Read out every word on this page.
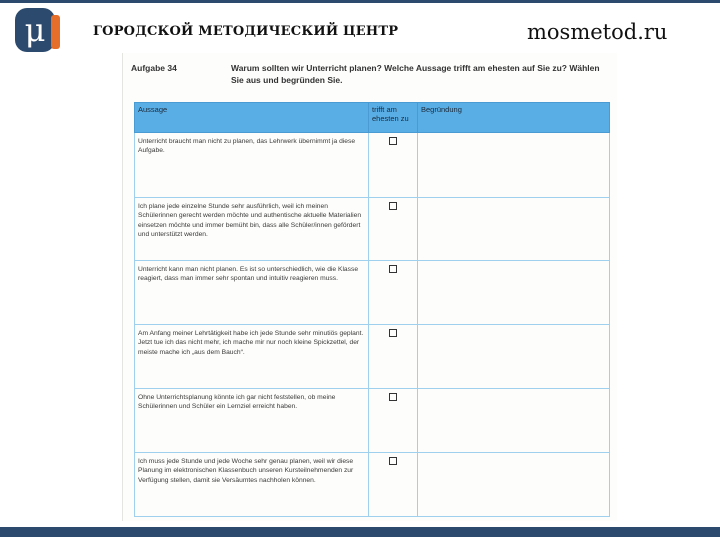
μ	ГОРОДСКОЙ МЕТОДИЧЕСКИЙ ЦЕНТР	mosmetod.ru
Aufgabe 34	Warum sollten wir Unterricht planen? Welche Aussage trifft am ehesten auf Sie zu? Wählen Sie aus und begründen Sie.
Aussage	trifft am ehesten zu	Begründung
Unterricht braucht man nicht zu planen, das Lehrwerk übernimmt ja diese Aufgabe.		
Ich plane jede einzelne Stunde sehr ausführlich, weil ich meinen Schülerinnen gerecht werden möchte und authentische aktuelle Materialien einsetzen möchte und immer bemüht bin, dass alle Schüler/innen gefördert und unterstützt werden.		
Unterricht kann man nicht planen. Es ist so unterschiedlich, wie die Klasse reagiert, dass man immer sehr spontan und intuitiv reagieren muss.		
Am Anfang meiner Lehrtätigkeit habe ich jede Stunde sehr minutiös geplant. Jetzt tue ich das nicht mehr, ich mache mir nur noch kleine Spickzettel, der meiste mache ich „aus dem Bauch“.		
Ohne Unterrichtsplanung könnte ich gar nicht feststellen, ob meine Schülerinnen und Schüler ein Lernziel erreicht haben.		
Ich muss jede Stunde und jede Woche sehr genau planen, weil wir diese Planung im elektronischen Klassenbuch unseren Kursteilnehmenden zur Verfügung stellen, damit sie Versäumtes nachholen können.		
